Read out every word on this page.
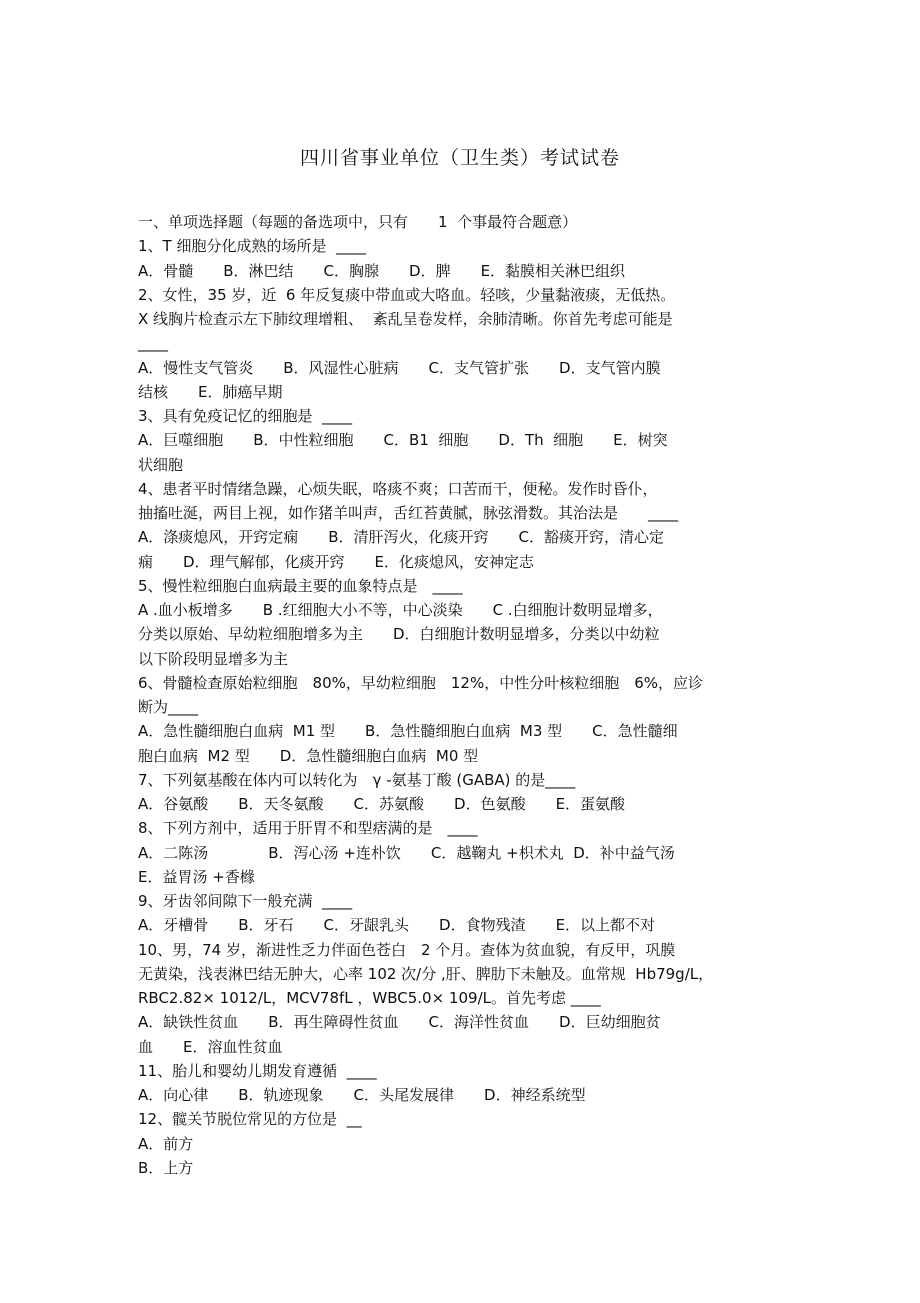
四川省事业单位（卫生类）考试试卷
一、单项选择题（每题的备选项中，只有　　1  个事最符合题意）
1、T 细胞分化成熟的场所是  ____
A．骨髓　　B．淋巴结　　C．胸腺　　D．脾　　E．黏膜相关淋巴组织
2、女性，35 岁，近  6 年反复痰中带血或大咯血。轻咳，少量黏液痰，无低热。
X 线胸片检查示左下肺纹理增粗、  紊乱呈卷发样，余肺清晰。你首先考虑可能是
____
A．慢性支气管炎　　B．风湿性心脏病　　C．支气管扩张　　D．支气管内膜
结核　　E．肺癌早期
3、具有免疫记忆的细胞是  ____
A．巨噬细胞　　B．中性粒细胞　　C．B1  细胞　　D．Th  细胞　　E．树突
状细胞
4、患者平时情绪急躁，心烦失眠，咯痰不爽；口苦而干，便秘。发作时昏仆，
抽搐吐涎，两目上视，如作猪羊叫声，舌红苔黄腻，脉弦滑数。其治法是　　____
A．涤痰熄风，开窍定痫　　B．清肝泻火，化痰开窍　　C．豁痰开窍，清心定
痫　　D．理气解郁，化痰开窍　　E．化痰熄风，安神定志
5、慢性粒细胞白血病最主要的血象特点是　____
A .血小板增多　　B .红细胞大小不等，中心淡染　　C .白细胞计数明显增多，
分类以原始、早幼粒细胞增多为主　　D．白细胞计数明显增多，分类以中幼粒
以下阶段明显增多为主
6、骨髓检查原始粒细胞　80%，早幼粒细胞　12%，中性分叶核粒细胞　6%，应诊
断为____
A．急性髓细胞白血病  M1 型　　B．急性髓细胞白血病  M3 型　　C．急性髓细
胞白血病  M2 型　　D．急性髓细胞白血病  M0 型
7、下列氨基酸在体内可以转化为　γ -氨基丁酸 (GABA) 的是____
A．谷氨酸　　B．天冬氨酸　　C．苏氨酸　　D．色氨酸　　E．蛋氨酸
8、下列方剂中，适用于肝胃不和型痞满的是　____
A．二陈汤　　　　B．泻心汤 +连朴饮　　C．越鞠丸 +枳术丸  D．补中益气汤
E．益胃汤 +香橼
9、牙齿邻间隙下一般充满  ____
A．牙槽骨　　B．牙石　　C．牙龈乳头　　D．食物残渣　　E．以上都不对
10、男，74 岁，渐进性乏力伴面色苍白　2 个月。查体为贫血貌，有反甲，巩膜
无黄染，浅表淋巴结无肿大，心率 102 次/分 ,肝、脾肋下未触及。血常规  Hb79g/L，
RBC2.82× 1012/L，MCV78fL ，WBC5.0× 109/L。首先考虑 ____
A．缺铁性贫血　　B．再生障碍性贫血　　C．海洋性贫血　　D．巨幼细胞贫
血　　E．溶血性贫血
11、胎儿和婴幼儿期发育遵循  ____
A．向心律　　B．轨迹现象　　C．头尾发展律　　D．神经系统型
12、髋关节脱位常见的方位是  __
A．前方
B．上方
